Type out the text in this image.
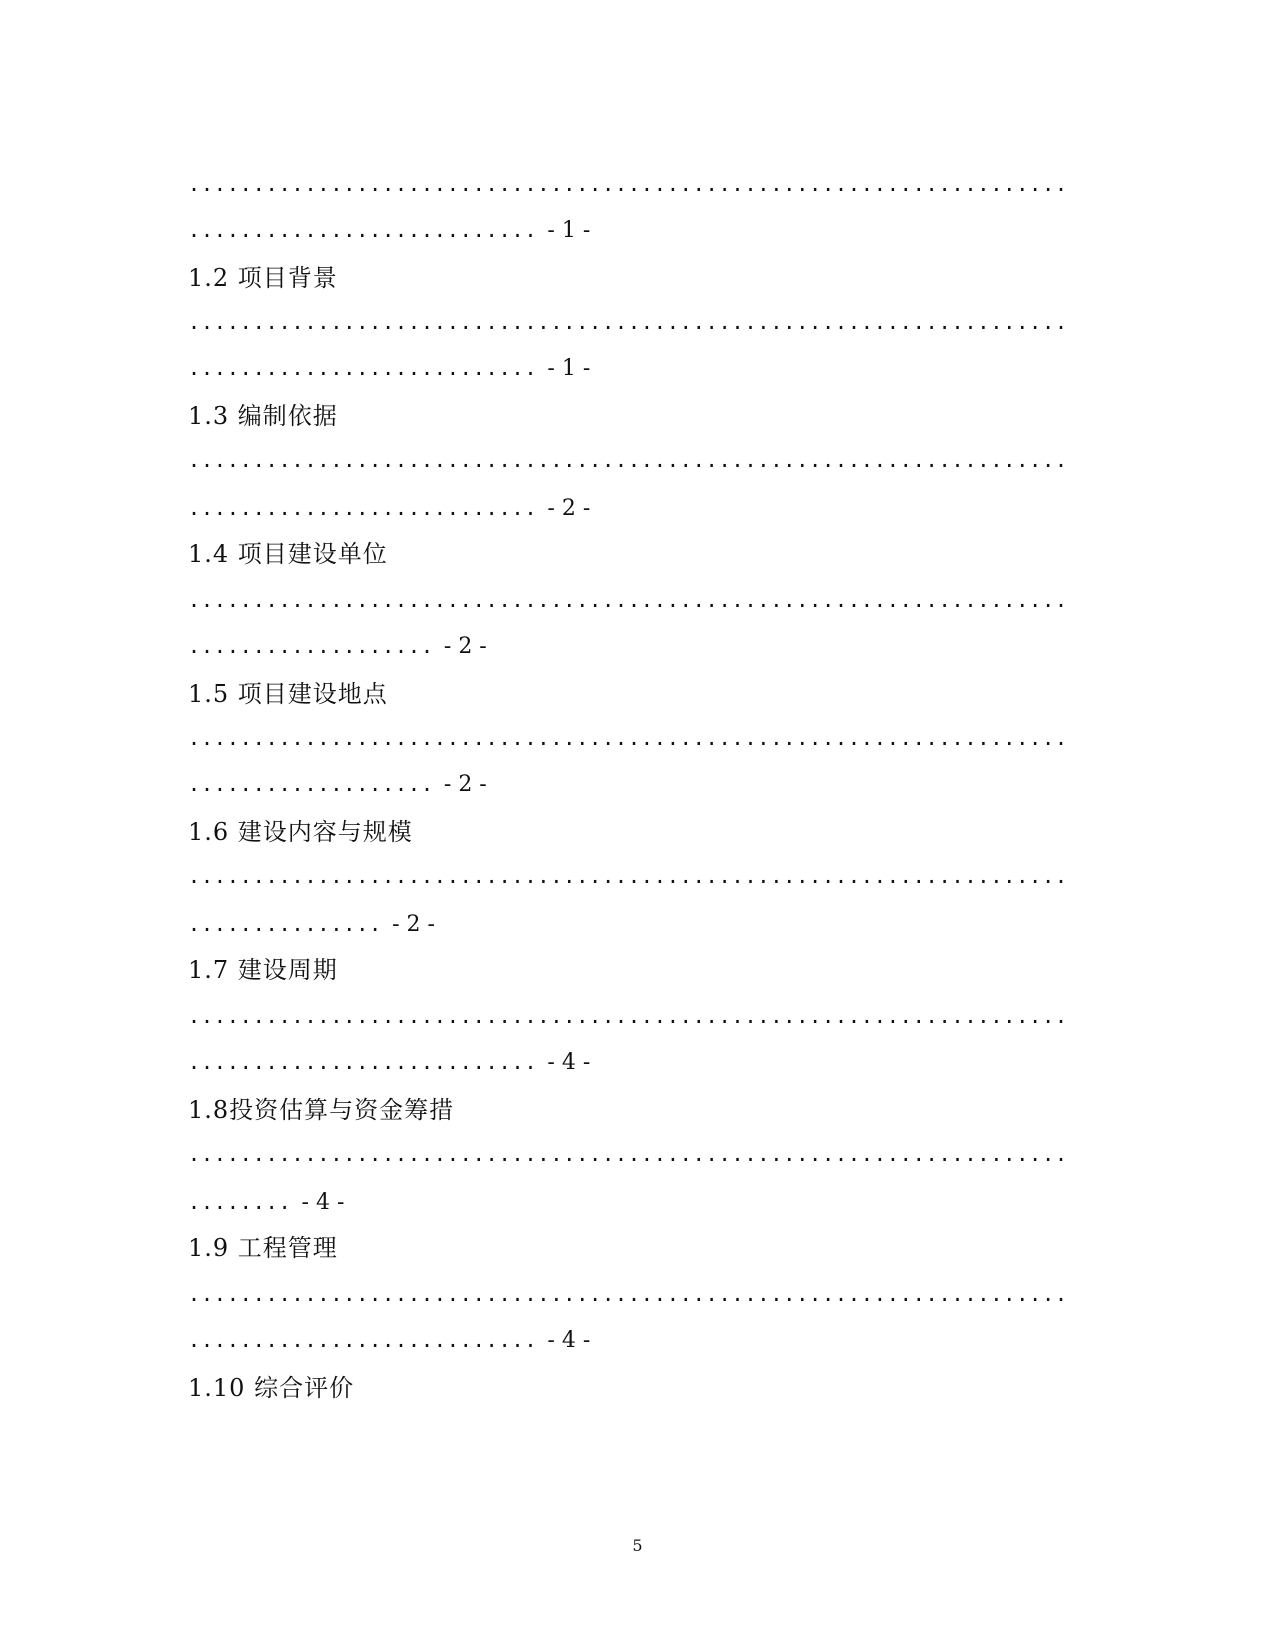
....................................................................
........................... - 1 -
1.2 项目背景
....................................................................
........................... - 1 -
1.3 编制依据
....................................................................
........................... - 2 -
1.4 项目建设单位
....................................................................
................... - 2 -
1.5 项目建设地点
....................................................................
................... - 2 -
1.6 建设内容与规模
....................................................................
............... - 2 -
1.7 建设周期
....................................................................
........................... - 4 -
1.8投资估算与资金筹措
....................................................................
........ - 4 -
1.9 工程管理
....................................................................
........................... - 4 -
1.10 综合评价
5
